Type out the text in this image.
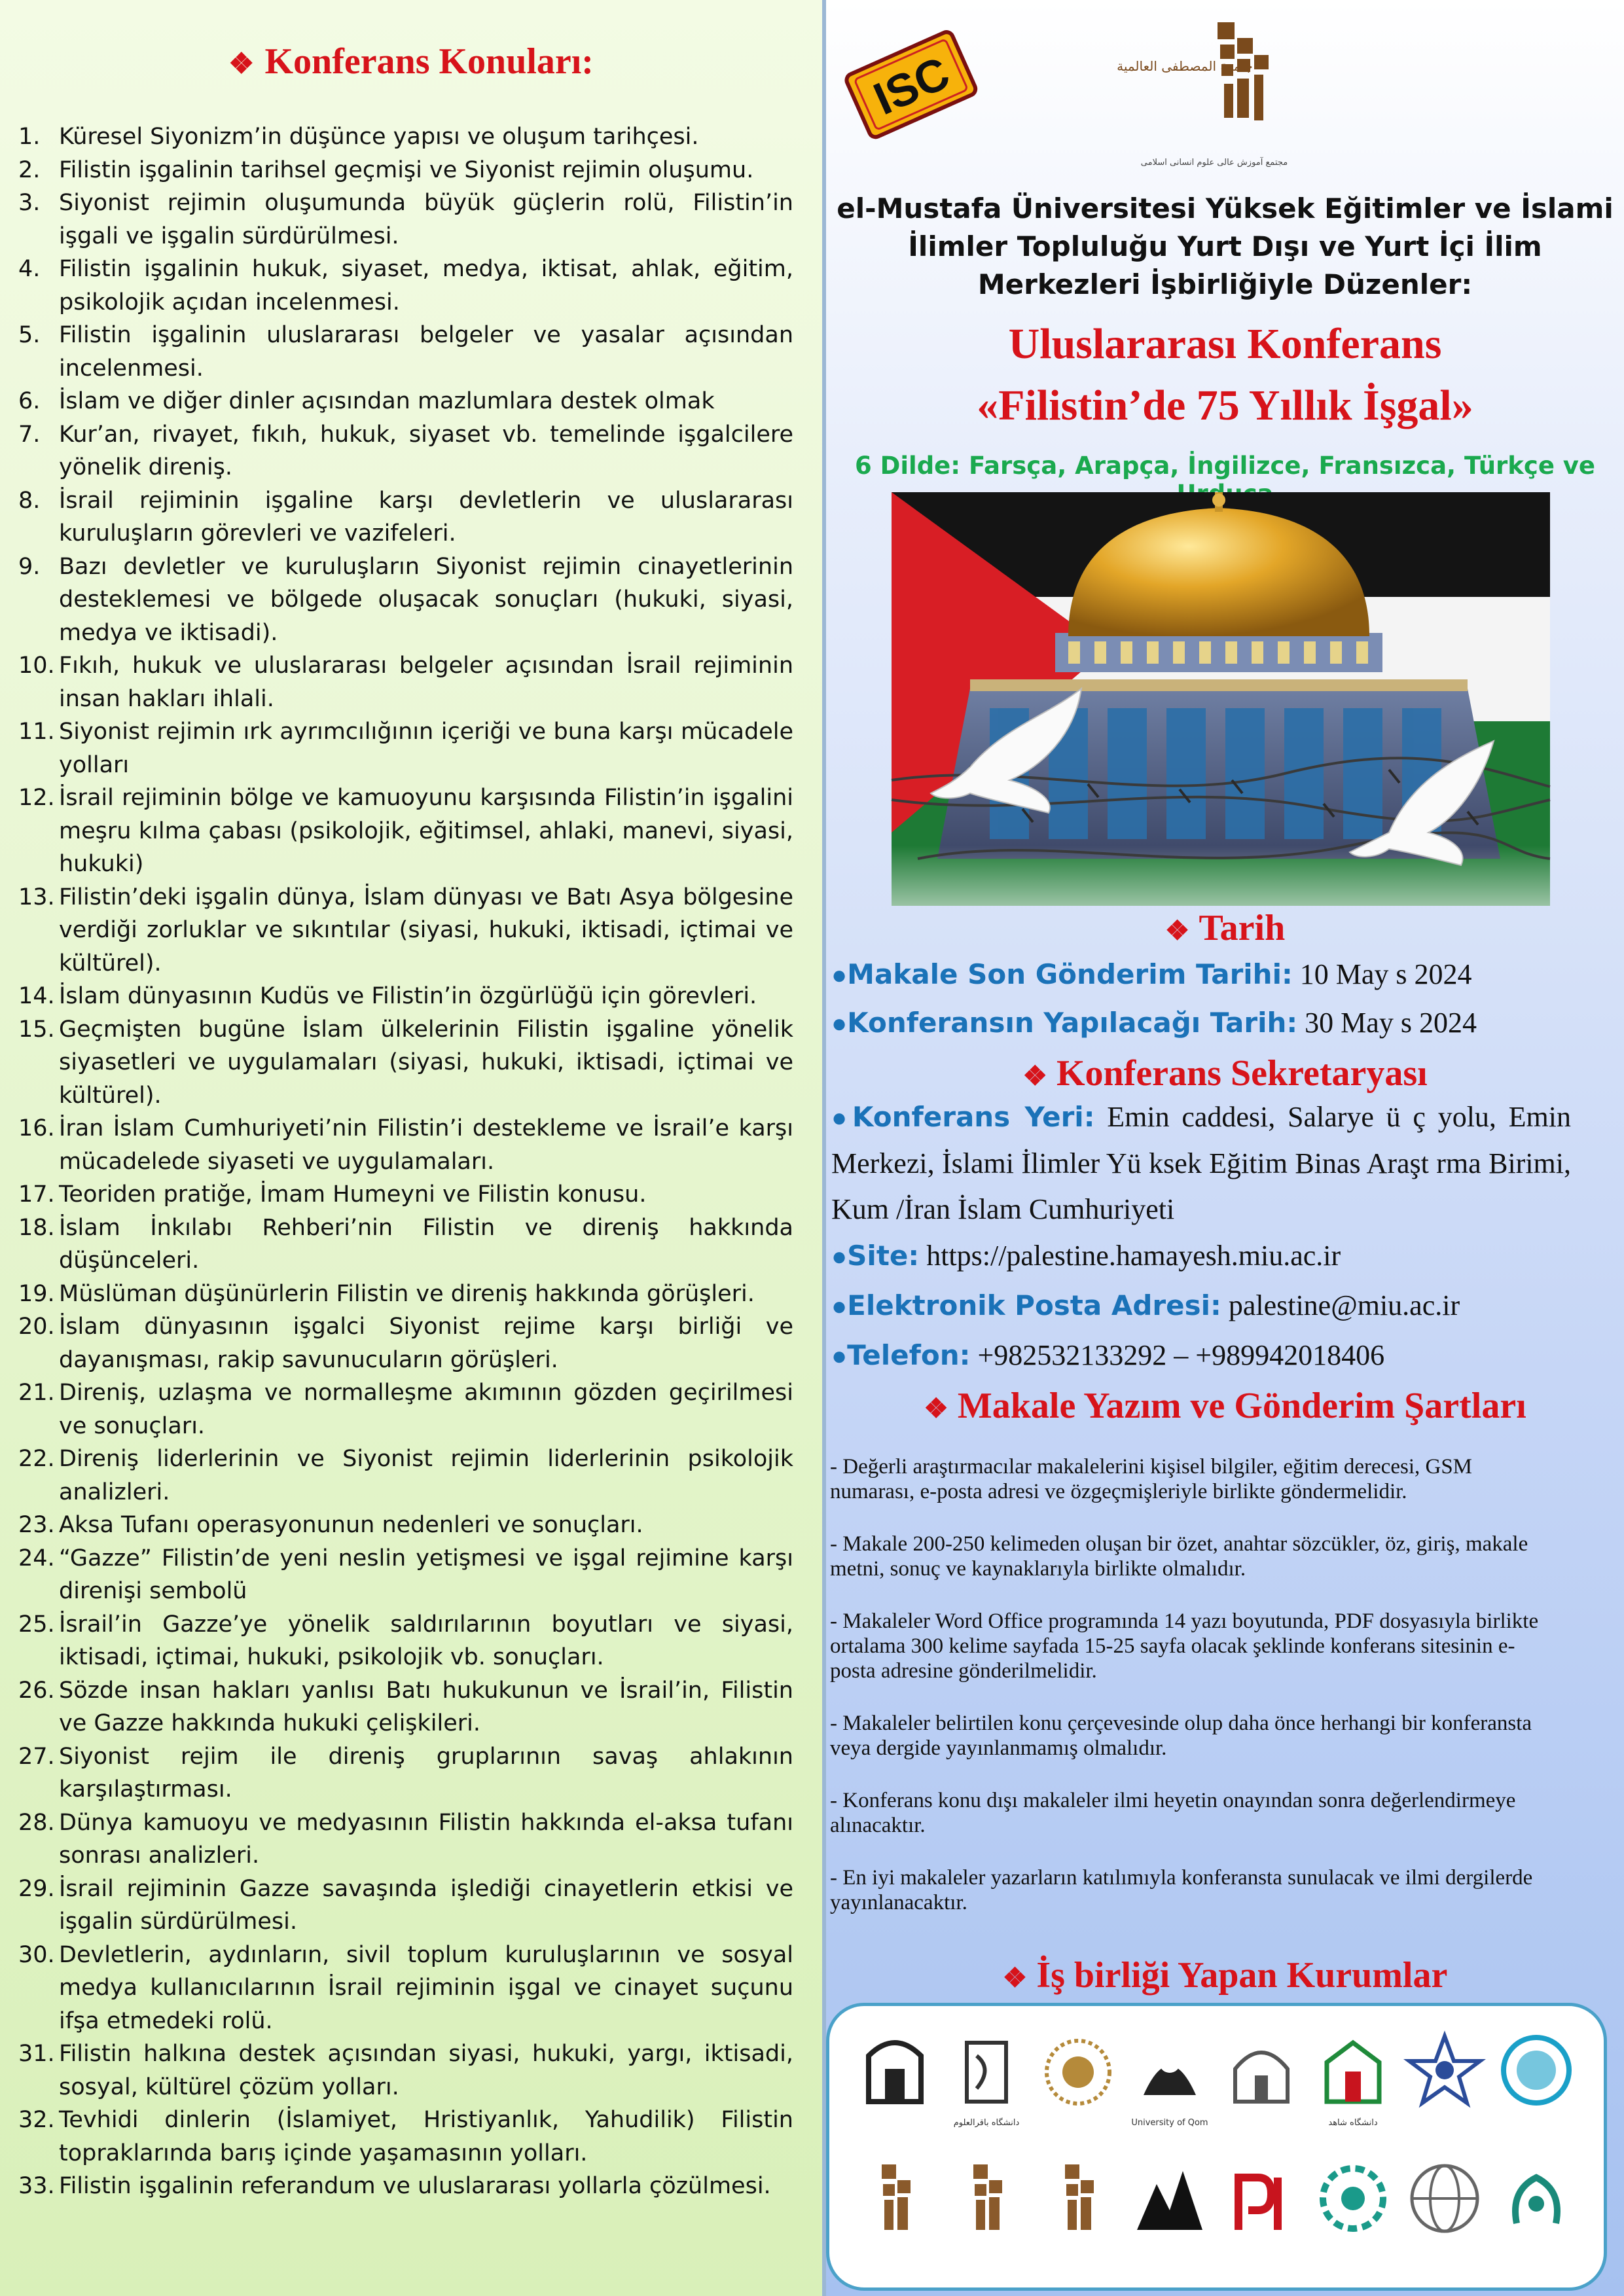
❖ Konferans Konuları:
1. Küresel Siyonizm’in düşünce yapısı ve oluşum tarihçesi.
2. Filistin işgalinin tarihsel geçmişi ve Siyonist rejimin oluşumu.
3. Siyonist rejimin oluşumunda büyük güçlerin rolü, Filistin’in işgali ve işgalin sürdürülmesi.
4. Filistin işgalinin hukuk, siyaset, medya, iktisat, ahlak, eğitim, psikolojik açıdan incelenmesi.
5. Filistin işgalinin uluslararası belgeler ve yasalar açısından incelenmesi.
6. İslam ve diğer dinler açısından mazlumlara destek olmak
7. Kur’an, rivayet, fıkıh, hukuk, siyaset vb. temelinde işgalcilere yönelik direniş.
8. İsrail rejiminin işgaline karşı devletlerin ve uluslararası kuruluşların görevleri ve vazifeleri.
9. Bazı devletler ve kuruluşların Siyonist rejimin cinayetlerinin desteklemesi ve bölgede oluşacak sonuçları (hukuki, siyasi, medya ve iktisadi).
10. Fıkıh, hukuk ve uluslararası belgeler açısından İsrail rejiminin insan hakları ihlali.
11. Siyonist rejimin ırk ayrımcılığının içeriği ve buna karşı mücadele yolları
12. İsrail rejiminin bölge ve kamuoyunu karşısında Filistin’in işgalini meşru kılma çabası (psikolojik, eğitimsel, ahlaki, manevi, siyasi, hukuki)
13. Filistin’deki işgalin dünya, İslam dünyası ve Batı Asya bölgesine verdiği zorluklar ve sıkıntılar (siyasi, hukuki, iktisadi, içtimai ve kültürel).
14. İslam dünyasının Kudüs ve Filistin’in özgürlüğü için görevleri.
15. Geçmişten bugüne İslam ülkelerinin Filistin işgaline yönelik siyasetleri ve uygulamaları (siyasi, hukuki, iktisadi, içtimai ve kültürel).
16. İran İslam Cumhuriyeti’nin Filistin’i destekleme ve İsrail’e karşı mücadelede siyaseti ve uygulamaları.
17. Teoriden pratiğe, İmam Humeyni ve Filistin konusu.
18. İslam İnkılabı Rehberi’nin Filistin ve direniş hakkında düşünceleri.
19. Müslüman düşünürlerin Filistin ve direniş hakkında görüşleri.
20. İslam dünyasının işgalci Siyonist rejime karşı birliği ve dayanışması, rakip savunucuların görüşleri.
21. Direniş, uzlaşma ve normalleşme akımının gözden geçirilmesi ve sonuçları.
22. Direniş liderlerinin ve Siyonist rejimin liderlerinin psikolojik analizleri.
23. Aksa Tufanı operasyonunun nedenleri ve sonuçları.
24. “Gazze” Filistin’de yeni neslin yetişmesi ve işgal rejimine karşı direnişi sembolü
25. İsrail’in Gazze’ye yönelik saldırılarının boyutları ve siyasi, iktisadi, içtimai, hukuki, psikolojik vb. sonuçları.
26. Sözde insan hakları yanlısı Batı hukukunun ve İsrail’in, Filistin ve Gazze hakkında hukuki çelişkileri.
27. Siyonist rejim ile direniş gruplarının savaş ahlakının karşılaştırması.
28. Dünya kamuoyu ve medyasının Filistin hakkında el-aksa tufanı sonrası analizleri.
29. İsrail rejiminin Gazze savaşında işlediği cinayetlerin etkisi ve işgalin sürdürülmesi.
30. Devletlerin, aydınların, sivil toplum kuruluşlarının ve sosyal medya kullanıcılarının İsrail rejiminin işgal ve cinayet suçunu ifşa etmedeki rolü.
31. Filistin halkına destek açısından siyasi, hukuki, yargı, iktisadi, sosyal, kültürel çözüm yolları.
32. Tevhidi dinlerin (İslamiyet, Hristiyanlık, Yahudilik) Filistin topraklarında barış içinde yaşamasının yolları.
33. Filistin işgalinin referandum ve uluslararası yollarla çözülmesi.
ISC	جامعة المصطفى العالمية
مجتمع آموزش عالی علوم انسانی اسلامی
el-Mustafa Üniversitesi Yüksek Eğitimler ve İslami İlimler Topluluğu Yurt Dışı ve Yurt İçi İlim Merkezleri İşbirliğiyle Düzenler:
Uluslararası Konferans
«Filistin’de 75 Yıllık İşgal»
6 Dilde: Farsça, Arapça, İngilizce, Fransızca, Türkçe ve
❖ Tarih
●Makale Son Gönderim Tarihi: 10 May s 2024
●Konferansın Yapılacağı Tarih: 30 May s 2024
❖ Konferans Sekretaryası
●Konferans Yeri: Emin caddesi, Salarye ü ç yolu, Emin Merkezi, İslami İlimler Yü ksek Eğitim Binas Araşt rma Birimi, Kum /İran İslam Cumhuriyeti
●Site: https://palestine.hamayesh.miu.ac.ir
●Elektronik Posta Adresi: palestine@miu.ac.ir
●Telefon: +982532133292 – +989942018406
❖ Makale Yazım ve Gönderim Şartları

- Değerli araştırmacılar makalelerini kişisel bilgiler, eğitim derecesi, GSM numarası, e-posta adresi ve özgeçmişleriyle birlikte göndermelidir.

- Makale 200-250 kelimeden oluşan bir özet, anahtar sözcükler, öz, giriş, makale metni, sonuç ve kaynaklarıyla birlikte olmalıdır.

- Makaleler Word Office programında 14 yazı boyutunda, PDF dosyasıyla birlikte ortalama 300 kelime sayfada 15-25 sayfa olacak şeklinde konferans sitesinin e-posta adresine gönderilmelidir.

- Makaleler belirtilen konu çerçevesinde olup daha önce herhangi bir konferansta veya dergide yayınlanmamış olmalıdır.

- Konferans konu dışı makaleler ilmi heyetin onayından sonra değerlendirmeye alınacaktır.

- En iyi makaleler yazarların katılımıyla konferansta sunulacak ve ilmi dergilerde yayınlanacaktır.

❖ İş birliği Yapan Kurumlar
دانشگاه باقرالعلوم	University of Qom	دانشگاه شاهد
